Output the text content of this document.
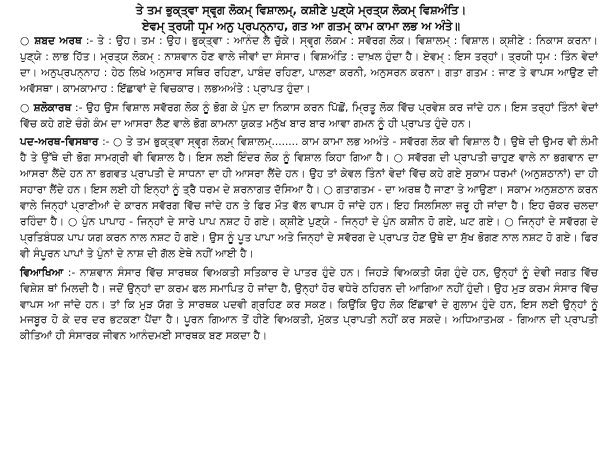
ਤੇ ਤਮ ਭੁਕ੍ਤ੍ਵਾ ਸ੍ਵਰ੍ਗ ਲੋਕਮ੍ ਵਿਸ਼ਾਲਮ੍, ਕਸ਼ੀਣੇ ਪੁਣ੍ਯੇ ਮ੍ਰਤ੍ਯ ਲੋਕਮ੍ ਵਿਸ਼ਅੰਤਿ।
ਏਵਮ੍ ਤ੍ਰਯੀ ਧਰ੍ਮ ਅਨੁ ਪ੍ਰਪਨ੍ਨਾਹ, ਗਤ ਆ ਗਤਮ੍ ਕਾਮ ਕਾਮਾ ਲਭ ਅ ਅੰਤੇ॥

○ ਸ਼ਬਦ ਅਰਥ :- ਤੇ : ਉਹ। ਤਮ : ਉਹ। ਭੁਕ੍ਤ੍ਵਾ : ਆਨੰਦ ਲੈ ਚੁੱਕੇ। ਸ੍ਵਰ੍ਗ ਲੋਕਮ : ਸਵੱਰਗ ਲੋਕ। ਵਿਸ਼ਾਲਮ੍ : ਵਿਸ਼ਾਲ। ਕ੍ਸ਼ੀਣੇ : ਨਿਕਾਸ ਕਰਨਾ। ਪੁਣ੍ਯੇ : ਲਾਭ ਹਿੱਤ। ਮ੍ਰਤ੍ਯ ਲੋਕਮ੍ : ਨਾਸ਼ਵਾਨ ਹੋਣ ਵਾਲੇ ਜੀਵਾਂ ਦਾ ਸੰਸਾਰ। ਵਿਸ਼ਅੰਤਿ : ਦਾਖ਼ਲ ਹੁੰਦਾ ਹੈ। ਏਵਮ੍ : ਇਸ ਤਰ੍ਹਾਂ। ਤ੍ਰਯੀ ਧਰ੍ਮ : ਤਿੰਨ ਵੇਦਾਂ ਦਾ। ਅਨੁਪ੍ਰਪਨ੍ਨਾਹ : ਹੇਠ ਲਿਖੇ ਅਨੁਸਾਰ ਸਥਿਰ ਰਹਿਣਾ, ਪਾਬੰਦ ਰਹਿਣਾ, ਪਾਲਣਾ ਕਰਨੀ, ਅਨੁਸਰਨ ਕਰਨਾ। ਗਤਾ ਗਤਮ : ਜਾਣ ਤੇ ਵਾਪਸ ਆਉਣ ਦੀ ਅਵੱਸਥਾ। ਕਾਮਕਾਮਾਹ : ਇੱਛਾਵਾਂ ਦੇ ਵਿਚਕਾਰ। ਲਭਅਅੰਤੇ : ਪ੍ਰਾਪਤ ਹੁੰਦਾ।

○ ਸ਼ਲੋਕਾਰਥ :- ਉਹ ਉਸ ਵਿਸ਼ਾਲ ਸਵੱਰਗ ਲੋਕ ਨੂੰ ਭੋਗ ਕੇ ਪੁੰਨ ਦਾ ਨਿਕਾਸ ਕਰਨ ਪਿੱਛੋਂ, ਮ੍ਰਿਤੂ ਲੋਕ ਵਿੱਚ ਪ੍ਰਵੇਸ਼ ਕਰ ਜਾਂਦੇ ਹਨ। ਇਸ ਤਰ੍ਹਾਂ ਤਿੰਨਾਂ ਵੇਦਾਂ ਵਿੱਚ ਕਹੇ ਗਏ ਚੰਗੇ ਕੰਮ ਦਾ ਆਸਰਾ ਲੈਣ ਵਾਲੇ ਭੋਗ ਕਾਮਨਾ ਯੁਕਤ ਮਨੁੱਖ ਬਾਰ ਬਾਰ ਆਵਾ ਗਮਨ ਨੂੰ ਹੀ ਪ੍ਰਾਪਤ ਹੁੰਦੇ ਹਨ।

ਪਦ-ਅਰਥ-ਵਿਸਥਾਰ :- ○ ਤੇ ਤਮ ਭੁਕ੍ਤ੍ਵਾ ਸ੍ਵਰ੍ਗ ਲੋਕਮ੍ ਵਿਸ਼ਾਲਮ੍........ ਕਾਮ ਕਾਮਾ ਲਭ ਅਅੰਤੇ - ਸਵੱਰਗ ਲੋਕ ਵੀ ਵਿਸ਼ਾਲ ਹੈ। ਉਥੇ ਦੀ ਉਮਰ ਵੀ ਲੰਮੀ ਹੈ ਤੇ ਉੱਥੇ ਦੀ ਭੋਗ ਸਾਮਗ੍ਰੀ ਵੀ ਵਿਸ਼ਾਲ ਹੈ। ਇਸ ਲਈ ਇੰਦਰ ਲੋਕ ਨੂੰ ਵਿਸ਼ਾਲ ਕਿਹਾ ਗਿਆ ਹੈ। ○ ਸਵੱਰਗ ਦੀ ਪ੍ਰਾਪਤੀ ਚਾਹੁਣ ਵਾਲੇ ਨਾ ਭਗਵਾਨ ਦਾ ਆਸਰਾ ਲੈਂਦੇ ਹਨ ਨਾ ਭਗਵਤ ਪ੍ਰਾਪਤੀ ਦੇ ਸਾਧਨਾ ਦਾ ਹੀ ਆਸਰਾ ਲੈਂਦੇ ਹਨ। ਉਹ ਤਾਂ ਕੇਵਲ ਤਿੰਨਾਂ ਵੇਦਾਂ ਵਿੱਚ ਕਹੇ ਗਏ ਸੁਕਾਮ ਧਰਮਾਂ (ਅਨੁਸ਼ਠਾਨਾਂ) ਦਾ ਹੀ ਸਹਾਰਾ ਲੈਂਦੇ ਹਨ। ਇਸ ਲਈ ਹੀ ਇਨ੍ਹਾਂ ਨੂੰ ਤ੍ਰੈ ਧਰਮ ਦੇ ਸ਼ਰਨਾਗਤ ਦੱਸਿਆ ਹੈ। ○ ਗਤਾਗਤਮ - ਦਾ ਅਰਥ ਹੈ ਜਾਣਾ ਤੇ ਆਉਣਾ। ਸਕਾਮ ਅਨੁਸ਼ਠਾਨ ਕਰਨ ਵਾਲੇ ਜਿਨ੍ਹਾਂ ਪ੍ਰਾਣੀਆਂ ਦੇ ਕਾਰਨ ਸਵੱਰਗ ਵਿੱਚ ਜਾਂਦੇ ਹਨ ਤੇ ਫਿਰ ਮੌਤ ਵੱਲ ਵਾਪਸ ਹੋ ਜਾਂਦੇ ਹਨ। ਇਹ ਸਿਲਸਿਲਾ ਜ਼ਰੂ ਹੀ ਜਾਂਦਾ ਹੈ। ਇਹ ਚੱਕਰ ਚਲਦਾ ਰਹਿੰਦਾ ਹੈ। ○ ਪੁੰਨ ਪਾਪਾਹ - ਜਿਨ੍ਹਾਂ ਦੇ ਸਾਰੇ ਪਾਪ ਨਸ਼ਟ ਹੋ ਗਏ। ਕ੍ਸ਼ੀਣੇ ਪੁਣ੍ਯੇ - ਜਿਨ੍ਹਾਂ ਦੇ ਪੁੰਨ ਕਸ਼ੀਨ ਹੋ ਗਏ, ਘਟ ਗਏ। ○ ਜਿਨ੍ਹਾਂ ਦੇ ਸਵੱਰਗ ਦੇ ਪ੍ਰਤਿਬੰਧਕ ਪਾਪ ਯਗ ਕਰਨ ਨਾਲ ਨਸ਼ਟ ਹੋ ਗਏ। ਉਸ ਨੂੰ ਪੂਤ ਪਾਪਾ ਅਤੇ ਜਿਨ੍ਹਾਂ ਦੇ ਸਵੱਰਗ ਦੇ ਪ੍ਰਾਪਤ ਹੋਣ ਉਥੇ ਦਾ ਸੁੱਖ ਭੋਗਣ ਨਾਲ ਨਸ਼ਟ ਹੋ ਗਏ। ਫਿਰ ਵੀ ਸੰਪੂਰਨ ਪਾਪਾਂ ਤੇ ਪੁੰਨਾਂ ਦੇ ਨਾਸ਼ ਦੀ ਗੱਲ ਏਥੇ ਨਹੀਂ ਆਈ ਹੈ।

ਵਿਆਖਿਆ :- ਨਾਸ਼ਵਾਨ ਸੰਸਾਰ ਵਿੱਚ ਸਾਰਥਕ ਵਿਅਕਤੀ ਸਤਿਕਾਰ ਦੇ ਪਾਤਰ ਹੁੰਦੇ ਹਨ। ਜਿਹੜੇ ਵਿਅਕਤੀ ਯੋਗ ਹੁੰਦੇ ਹਨ, ਉਨ੍ਹਾਂ ਨੂੰ ਦੇਵੀ ਜਗਤ ਵਿੱਚ ਵਿਸ਼ੇਸ਼ ਥਾਂ ਮਿਲਦੀ ਹੈ। ਜਦੋਂ ਉਨ੍ਹਾਂ ਦਾ ਕਰਮ ਫਲ ਸਮਾਪਿਤ ਹੋ ਜਾਂਦਾ ਹੈ, ਉਨ੍ਹਾਂ ਹੋਰ ਵਧੇਰੇ ਠਹਿਰਨ ਦੀ ਆਗਿਆ ਨਹੀਂ ਹੁੰਦੀ। ਉਹ ਮੁੜ ਕਰਮ ਸੰਸਾਰ ਵਿੱਚ ਵਾਪਸ ਆ ਜਾਂਦੇ ਹਨ। ਤਾਂ ਕਿ ਮੁੜ ਯੱਗ ਤੇ ਸਾਰਥਕ ਪਦਵੀ ਗ੍ਰਹਿਣ ਕਰ ਸਕਣ। ਕਿਉਂਕਿ ਉਹ ਲੋਕ ਇੱਛਾਵਾਂ ਦੇ ਗੁਲਾਮ ਹੁੰਦੇ ਹਨ, ਇਸ ਲਈ ਉਨ੍ਹਾਂ ਨੂੰ ਮਜਬੂਰ ਹੋ ਕੇ ਦਰ ਦਰ ਭਟਕਣਾ ਪੈਂਦਾ ਹੈ। ਪੂਰਨ ਗਿਆਨ ਤੋਂ ਹੀਣੇ ਵਿਅਕਤੀ, ਮੁੱਕਤ ਪ੍ਰਾਪਤੀ ਨਹੀਂ ਕਰ ਸਕਦੇ। ਅਧਿਆਤਮਕ - ਗਿਆਨ ਦੀ ਪ੍ਰਾਪਤੀ ਕੀਤਿਆਂ ਹੀ ਸੰਸਾਰਕ ਜੀਵਨ ਆਨੰਦਮਈ ਸਾਰਥਕ ਬਣ ਸਕਦਾ ਹੈ।
